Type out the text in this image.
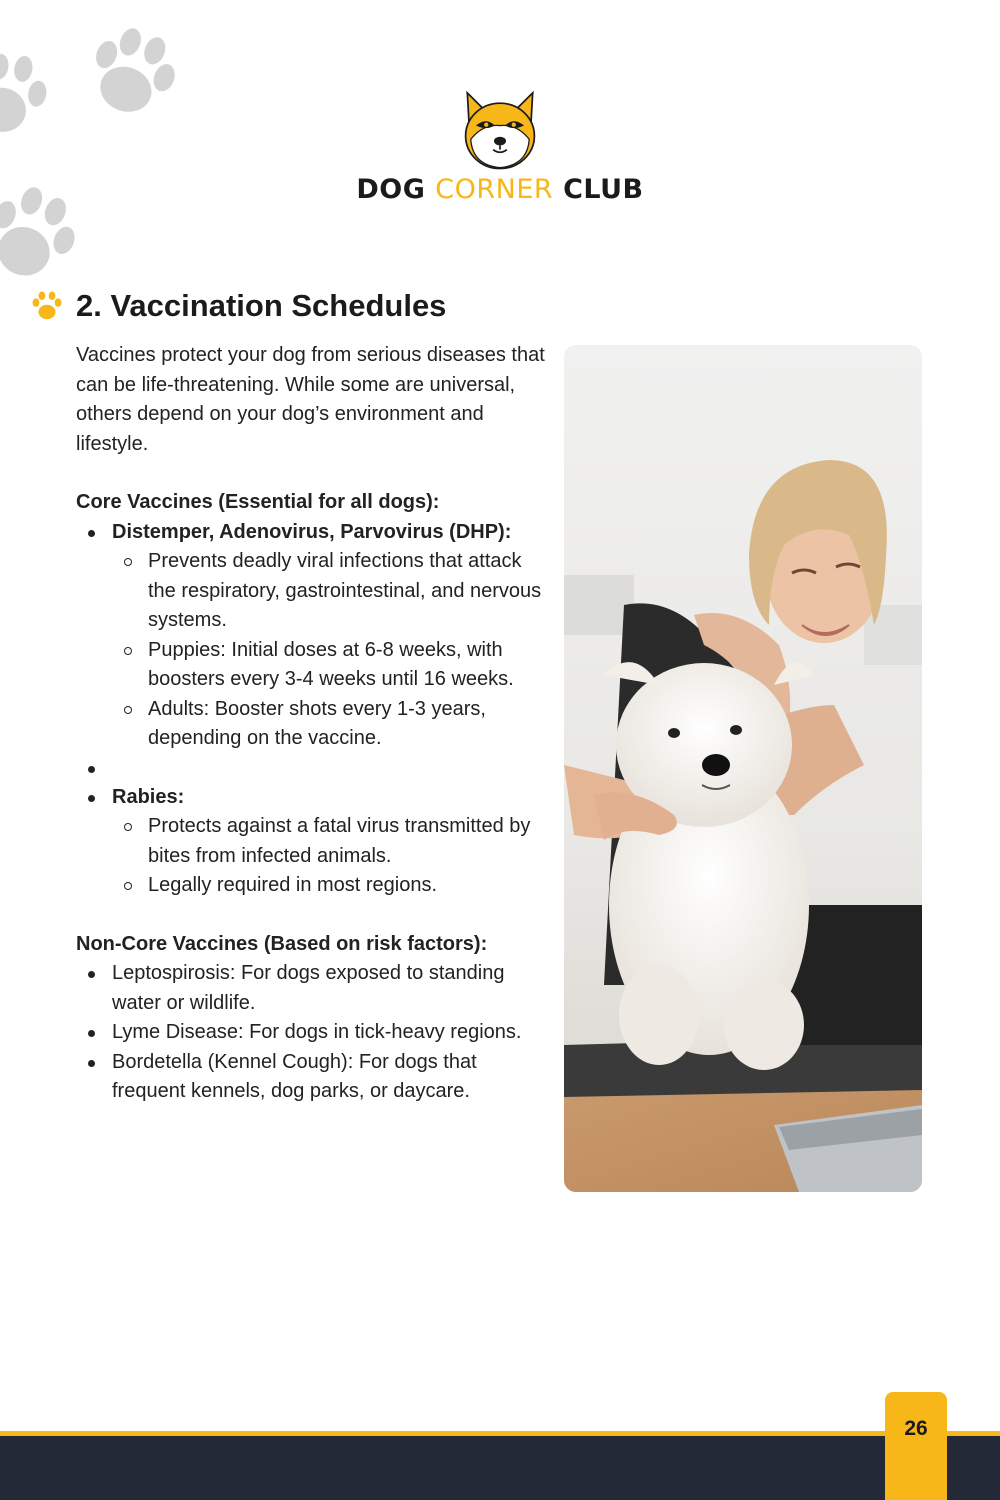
DOG CORNER CLUB
2. Vaccination Schedules

Vaccines protect your dog from serious diseases that can be life-threatening. While some are universal, others depend on your dog’s environment and lifestyle.

Core Vaccines (Essential for all dogs):

Distemper, Adenovirus, Parvovirus (DHP):
Prevents deadly viral infections that attack the respiratory, gastrointestinal, and nervous systems.
Puppies: Initial doses at 6-8 weeks, with boosters every 3-4 weeks until 16 weeks.
Adults: Booster shots every 1-3 years, depending on the vaccine.
Rabies:
Protects against a fatal virus transmitted by bites from infected animals.
Legally required in most regions.

Non-Core Vaccines (Based on risk factors):

Leptospirosis: For dogs exposed to standing water or wildlife.
Lyme Disease: For dogs in tick-heavy regions.
Bordetella (Kennel Cough): For dogs that frequent kennels, dog parks, or daycare.
26
